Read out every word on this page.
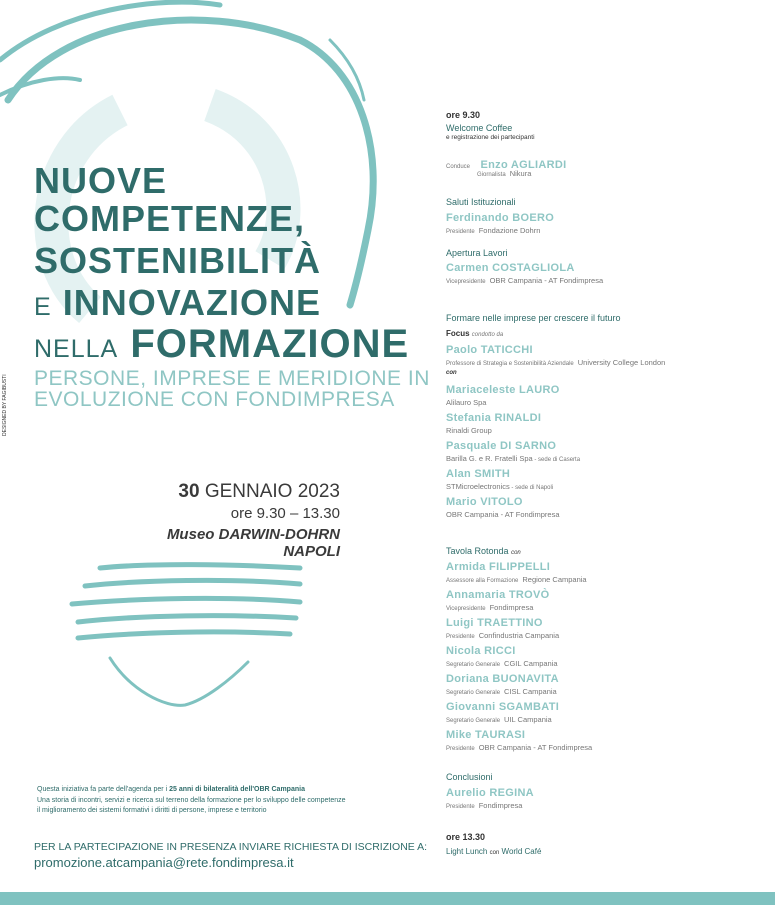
DESIGNED BY FAGIBUSTI
NUOVE
COMPETENZE,
SOSTENIBILITÀ
E INNOVAZIONE
NELLA FORMAZIONE
PERSONE, IMPRESE E MERIDIONE IN
EVOLUZIONE CON FONDIMPRESA
30 GENNAIO 2023
ore 9.30 – 13.30
Museo DARWIN-DOHRN
NAPOLI
Questa iniziativa fa parte dell'agenda per i 25 anni di bilateralità dell'OBR Campania
Una storia di incontri, servizi e ricerca sul terreno della formazione per lo sviluppo delle competenze
il miglioramento dei sistemi formativi i diritti di persone, imprese e territorio
PER LA PARTECIPAZIONE IN PRESENZA INVIARE RICHIESTA DI ISCRIZIONE A:
promozione.atcampania@rete.fondimpresa.it
ore 9.30
Welcome Coffee
e registrazione dei partecipanti
Conduce Enzo AGLIARDI
Giornalista Nikura
Saluti Istituzionali
Ferdinando BOERO
Presidente Fondazione Dohrn
Apertura Lavori
Carmen COSTAGLIOLA
Vicepresidente OBR Campania - AT Fondimpresa
Formare nelle imprese per crescere il futuro
Focus condotto da
Paolo TATICCHI
Professore di Strategia e Sostenibilità Aziendale University College London
con
Mariaceleste LAURO
Alilauro Spa
Stefania RINALDI
Rinaldi Group
Pasquale DI SARNO
Barilla G. e R. Fratelli Spa - sede di Caserta
Alan SMITH
STMicroelectronics - sede di Napoli
Mario VITOLO
OBR Campania - AT Fondimpresa
Tavola Rotonda con
Armida FILIPPELLI
Assessore alla Formazione Regione Campania
Annamaria TROVÒ
Vicepresidente Fondimpresa
Luigi TRAETTINO
Presidente Confindustria Campania
Nicola RICCI
Segretario Generale CGIL Campania
Doriana BUONAVITA
Segretario Generale CISL Campania
Giovanni SGAMBATI
Segretario Generale UIL Campania
Mike TAURASI
Presidente OBR Campania - AT Fondimpresa
Conclusioni
Aurelio REGINA
Presidente Fondimpresa
ore 13.30
Light Lunch con World Café
